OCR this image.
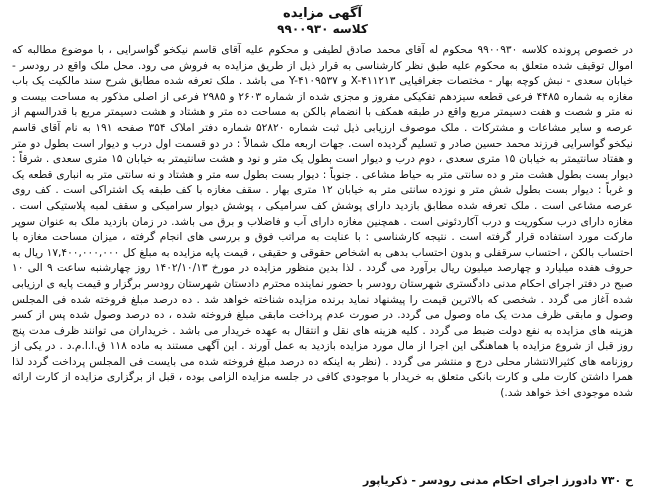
آگهی مزایده

کلاسه ۹۹۰۰۹۳۰

در خصوص پرونده کلاسه ۹۹۰۰۹۳۰ محکوم له آقای محمد صادق لطیفی و محکوم علیه آقای قاسم نیکخو گواسرایی ، با موضوع مطالبه که اموال توقیف شده متعلق به محکوم علیه طبق نظر کارشناسی به قرار ذیل از طریق مزایده به فروش می رود. محل ملک واقع در رودسر - خیابان سعدی - نبش کوچه بهار - مختصات جغرافیایی X-۴۱۱۲۱۳ و Y-۴۱۰۹۵۳۷ می باشد . ملک تعرفه شده مطابق شرح سند مالکیت یک باب مغازه به شماره ۴۴۸۵ فرعی قطعه سیزدهم تفکیکی مفروز و مجزی شده از شماره ۲۶۰۳ و ۲۹۸۵ فرعی از اصلی مذکور به مساحت بیست و نه متر و شصت و هفت دسیمتر مربع واقع در طبقه همکف با انضمام بالکن به مساحت ده متر و هشتاد و هشت دسیمتر مربع با قدرالسهم از عرصه و سایر مشاعات و مشترکات . ملک موصوف ارزیابی ذیل ثبت شماره ۵۲۸۲۰ شماره دفتر املاک ۳۵۴ صفحه ۱۹۱ به نام آقای قاسم نیکخو گواسرایی فرزند محمد حسین صادر و تسلیم گردیده است. جهات اربعه ملک شمالاً : در دو قسمت اول درب و دیوار است بطول دو متر و هفتاد سانتیمتر به خیابان ۱۵ متری سعدی ، دوم درب و دیوار است بطول یک متر و نود و هشت سانتیمتر به خیابان ۱۵ متری سعدی . شرقاً : دیوار بست بطول هشت متر و ده سانتی متر به حیاط مشاعی . جنوباً : دیوار بست بطول سه متر و هشتاد و نه سانتی متر به انباری قطعه یک و غرباً : دیوار بست بطول شش متر و نوزده سانتی متر به خیابان ۱۲ متری بهار . سقف مغازه با کف طبقه یک اشتراکی است . کف روی عرصه مشاعی است . ملک تعرفه شده مطابق بازدید دارای پوشش کف سرامیکی ، پوشش دیوار سرامیکی و سقف لمبه پلاستیکی است . مغازه دارای درب سکوریت و درب آکاردئونی است . همچنین مغازه دارای آب و فاضلاب و برق می باشد. در زمان بازدید ملک به عنوان سوپر مارکت مورد استفاده قرار گرفته است . نتیجه کارشناسی : با عنایت به مراتب فوق و بررسی های انجام گرفته ، میزان مساحت مغازه با احتساب بالکن ، احتساب سرقفلی و بدون احتساب بدهی به اشخاص حقوقی و حقیقی ، قیمت پایه مزایده به مبلغ کل ۱۷,۴۰۰,۰۰۰,۰۰۰ ریال به حروف هفده میلیارد و چهارصد میلیون ریال برآورد می گردد . لذا بدین منظور مزایده در مورخ ۱۴۰۲/۱۰/۱۳ روز چهارشنبه ساعت ۹ الی ۱۰ صبح در دفتر اجرای احکام مدنی دادگستری شهرستان رودسر با حضور نماینده محترم دادستان شهرستان رودسر برگزار و قیمت پایه ی ارزیابی شده آغاز می گردد . شخصی که بالاترین قیمت را پیشنهاد نماید برنده مزایده شناخته خواهد شد . ده درصد مبلغ فروخته شده فی المجلس وصول و مابقی ظرف مدت یک ماه وصول می گردد. در صورت عدم پرداخت مابقی مبلغ فروخته شده ، ده درصد وصول شده پس از کسر هزینه های مزایده به نفع دولت ضبط می گردد . کلیه هزینه های نقل و انتقال به عهده خریدار می باشد . خریداران می توانند ظرف مدت پنج روز قبل از شروع مزایده با هماهنگی این اجرا از مال مورد مزایده بازدید به عمل آورند . این آگهی مستند به ماده ۱۱۸ ق.ا.ا.م.د . در یکی از روزنامه های کثیرالانتشار محلی درج و منتشر می گردد . (نظر به اینکه ده درصد مبلغ فروخته شده می بایست فی المجلس پرداخت گردد لذا همرا داشتن کارت ملی و کارت بانکی متعلق به خریدار با موجودی کافی در جلسه مزایده الزامی بوده ، قبل از برگزاری مزایده از کارت ارائه شده موجودی اخذ خواهد شد.)

ح ۷۳۰ دادورز اجرای احکام مدنی رودسر - ذکریاپور
